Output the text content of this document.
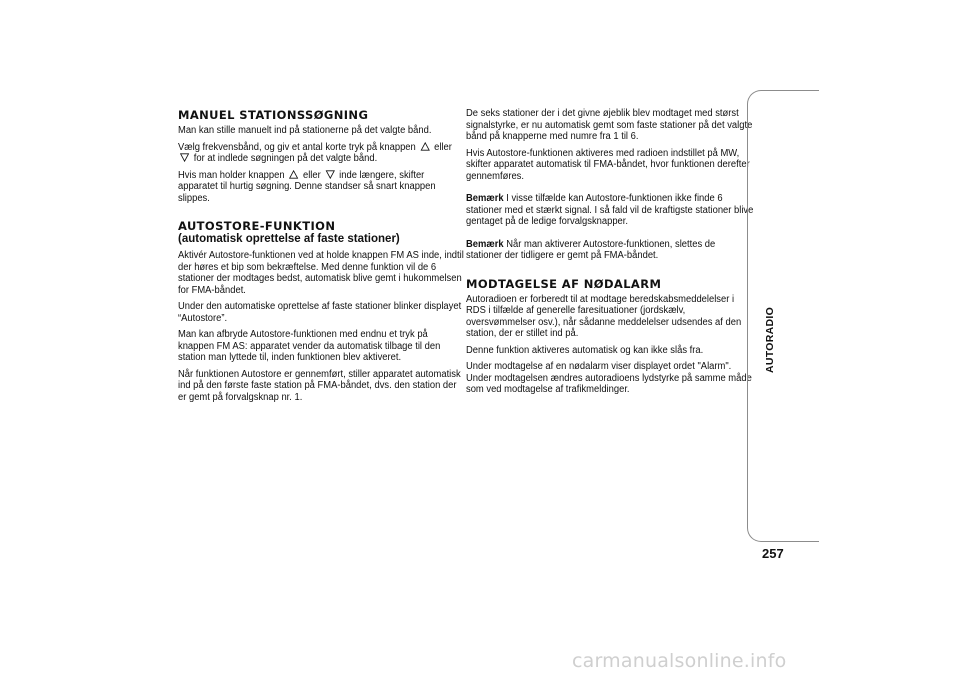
MANUEL STATIONSSØGNING

Man kan stille manuelt ind på stationerne på det valgte bånd.

Vælg frekvensbånd, og giv et antal korte tryk på knappen eller  for at indlede søgningen på det valgte bånd.

Hvis man holder knappen eller inde længere, skifter apparatet til hurtig søgning. Denne standser så snart knappen slippes.

AUTOSTORE-FUNKTION
(automatisk oprettelse af faste stationer)

Aktivér Autostore-funktionen ved at holde knappen FM AS inde, indtil der høres et bip som bekræftelse. Med denne funktion vil de 6 stationer der modtages bedst, automatisk blive gemt i hukommelsen for FMA-båndet.

Under den automatiske oprettelse af faste stationer blinker displayet “Autostore”.

Man kan afbryde Autostore-funktionen med endnu et tryk på knappen FM AS: apparatet vender da automatisk tilbage til den station man lyttede til, inden funktionen blev aktiveret.

Når funktionen Autostore er gennemført, stiller apparatet automatisk ind på den første faste station på FMA-båndet, dvs. den station der er gemt på forvalgsknap nr. 1.

De seks stationer der i det givne øjeblik blev modtaget med størst signalstyrke, er nu automatisk gemt som faste stationer på det valgte bånd på knapperne med numre fra 1 til 6.

Hvis Autostore-funktionen aktiveres med radioen indstillet på MW, skifter apparatet automatisk til FMA-båndet, hvor funktionen derefter gennemføres.

Bemærk I visse tilfælde kan Autostore-funktionen ikke finde 6 stationer med et stærkt signal. I så fald vil de kraftigste stationer blive gentaget på de ledige forvalgsknapper.

Bemærk Når man aktiverer Autostore-funktionen, slettes de stationer der tidligere er gemt på FMA-båndet.

MODTAGELSE AF NØDALARM

Autoradioen er forberedt til at modtage beredskabsmeddelelser i RDS i tilfælde af generelle faresituationer (jordskælv, oversvømmelser osv.), når sådanne meddelelser udsendes af den station, der er stillet ind på.

Denne funktion aktiveres automatisk og kan ikke slås fra.

Under modtagelse af en nødalarm viser displayet ordet "Alarm". Under modtagelsen ændres autoradioens lydstyrke på samme måde som ved modtagelse af trafikmeldinger.

AUTORADIO
257
carmanualsonline.info
